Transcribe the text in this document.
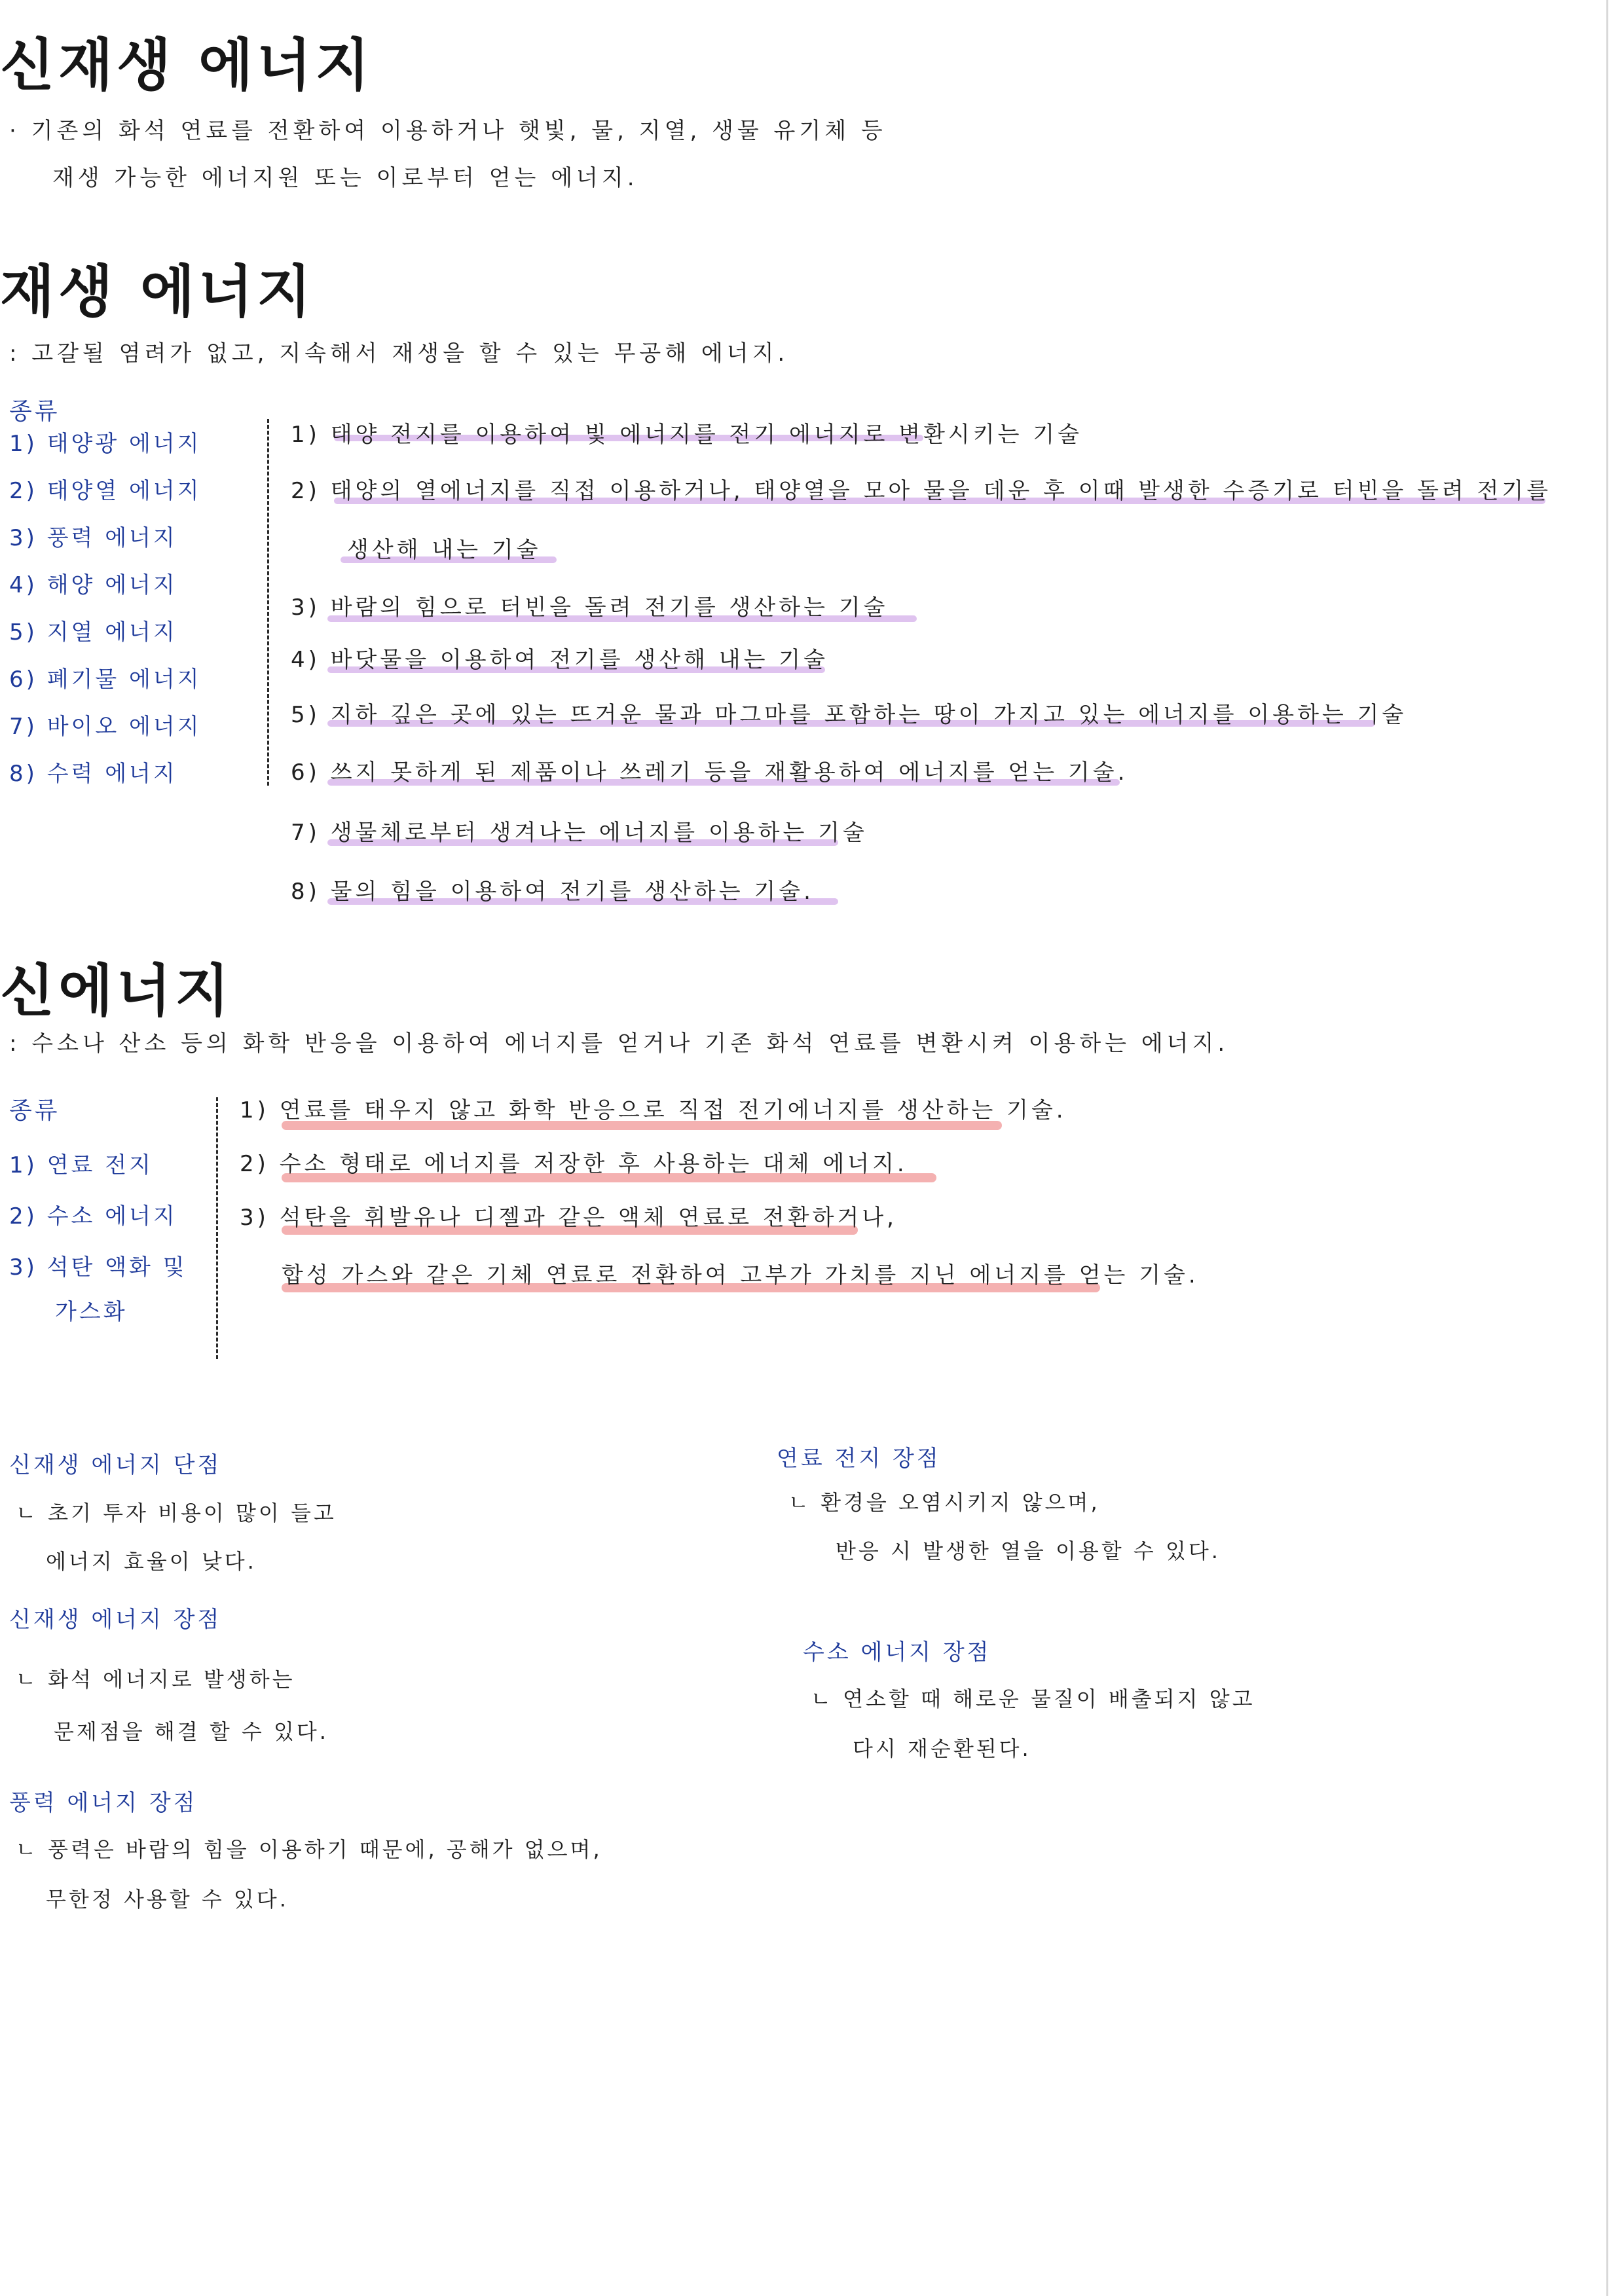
신재생 에너지
· 기존의 화석 연료를 전환하여 이용하거나 햇빛, 물, 지열, 생물 유기체 등
재생 가능한 에너지원 또는 이로부터 얻는 에너지.
재생 에너지
: 고갈될 염려가 없고, 지속해서 재생을 할 수 있는 무공해 에너지.
종류
1) 태양광 에너지
2) 태양열 에너지
3) 풍력 에너지
4) 해양 에너지
5) 지열 에너지
6) 폐기물 에너지
7) 바이오 에너지
8) 수력 에너지
1) 태양 전지를 이용하여 빛 에너지를 전기 에너지로 변환시키는 기술
2) 태양의 열에너지를 직접 이용하거나, 태양열을 모아 물을 데운 후 이때 발생한 수증기로 터빈을 돌려 전기를
생산해 내는 기술
3) 바람의 힘으로 터빈을 돌려 전기를 생산하는 기술
4) 바닷물을 이용하여 전기를 생산해 내는 기술
5) 지하 깊은 곳에 있는 뜨거운 물과 마그마를 포함하는 땅이 가지고 있는 에너지를 이용하는 기술
6) 쓰지 못하게 된 제품이나 쓰레기 등을 재활용하여 에너지를 얻는 기술.
7) 생물체로부터 생겨나는 에너지를 이용하는 기술
8) 물의 힘을 이용하여 전기를 생산하는 기술.
신에너지
: 수소나 산소 등의 화학 반응을 이용하여 에너지를 얻거나 기존 화석 연료를 변환시켜 이용하는 에너지.
종류
1) 연료 전지
2) 수소 에너지
3) 석탄 액화 및
가스화
1) 연료를 태우지 않고 화학 반응으로 직접 전기에너지를 생산하는 기술.
2) 수소 형태로 에너지를 저장한 후 사용하는 대체 에너지.
3) 석탄을 휘발유나 디젤과 같은 액체 연료로 전환하거나,
합성 가스와 같은 기체 연료로 전환하여 고부가 가치를 지닌 에너지를 얻는 기술.
신재생 에너지 단점
ㄴ 초기 투자 비용이 많이 들고
에너지 효율이 낮다.
신재생 에너지 장점
ㄴ 화석 에너지로 발생하는
문제점을 해결 할 수 있다.
풍력 에너지 장점
ㄴ 풍력은 바람의 힘을 이용하기 때문에, 공해가 없으며,
무한정 사용할 수 있다.
연료 전지 장점
ㄴ 환경을 오염시키지 않으며,
반응 시 발생한 열을 이용할 수 있다.
수소 에너지 장점
ㄴ 연소할 때 해로운 물질이 배출되지 않고
다시 재순환된다.
